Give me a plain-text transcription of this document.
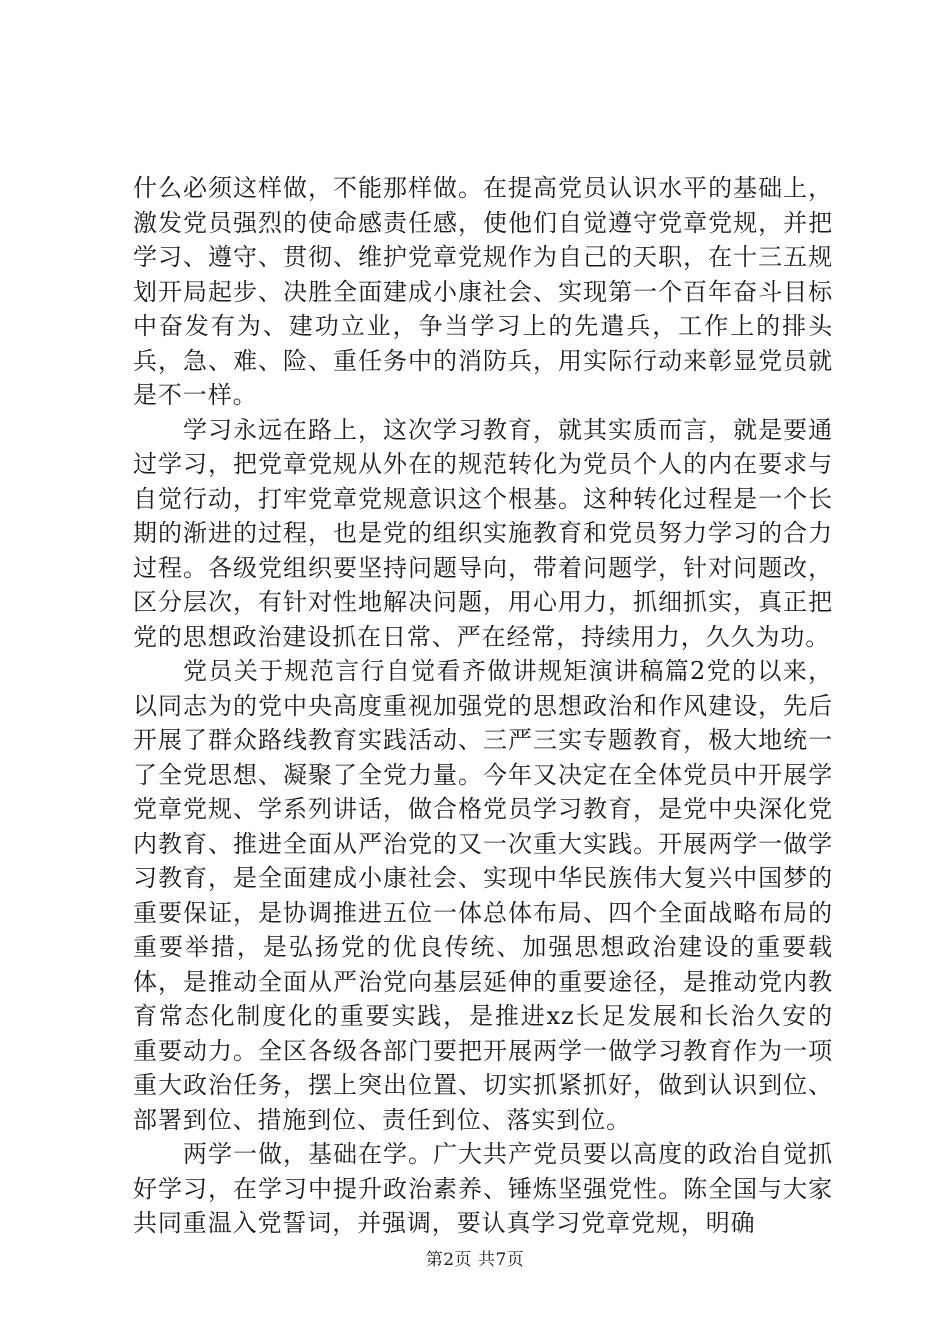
什么必须这样做，不能那样做。在提高党员认识水平的基础上，激发党员强烈的使命感责任感，使他们自觉遵守党章党规，并把学习、遵守、贯彻、维护党章党规作为自己的天职，在十三五规划开局起步、决胜全面建成小康社会、实现第一个百年奋斗目标中奋发有为、建功立业，争当学习上的先遣兵，工作上的排头兵，急、难、险、重任务中的消防兵，用实际行动来彰显党员就是不一样。

学习永远在路上，这次学习教育，就其实质而言，就是要通过学习，把党章党规从外在的规范转化为党员个人的内在要求与自觉行动，打牢党章党规意识这个根基。这种转化过程是一个长期的渐进的过程，也是党的组织实施教育和党员努力学习的合力过程。各级党组织要坚持问题导向，带着问题学，针对问题改，区分层次，有针对性地解决问题，用心用力，抓细抓实，真正把党的思想政治建设抓在日常、严在经常，持续用力，久久为功。

党员关于规范言行自觉看齐做讲规矩演讲稿篇2党的以来，以同志为的党中央高度重视加强党的思想政治和作风建设，先后开展了群众路线教育实践活动、三严三实专题教育，极大地统一了全党思想、凝聚了全党力量。今年又决定在全体党员中开展学党章党规、学系列讲话，做合格党员学习教育，是党中央深化党内教育、推进全面从严治党的又一次重大实践。开展两学一做学习教育，是全面建成小康社会、实现中华民族伟大复兴中国梦的重要保证，是协调推进五位一体总体布局、四个全面战略布局的重要举措，是弘扬党的优良传统、加强思想政治建设的重要载体，是推动全面从严治党向基层延伸的重要途径，是推动党内教育常态化制度化的重要实践，是推进xz长足发展和长治久安的重要动力。全区各级各部门要把开展两学一做学习教育作为一项重大政治任务，摆上突出位置、切实抓紧抓好，做到认识到位、部署到位、措施到位、责任到位、落实到位。

两学一做，基础在学。广大共产党员要以高度的政治自觉抓好学习，在学习中提升政治素养、锤炼坚强党性。陈全国与大家共同重温入党誓词，并强调，要认真学习党章党规，明确

第2页 共7页
